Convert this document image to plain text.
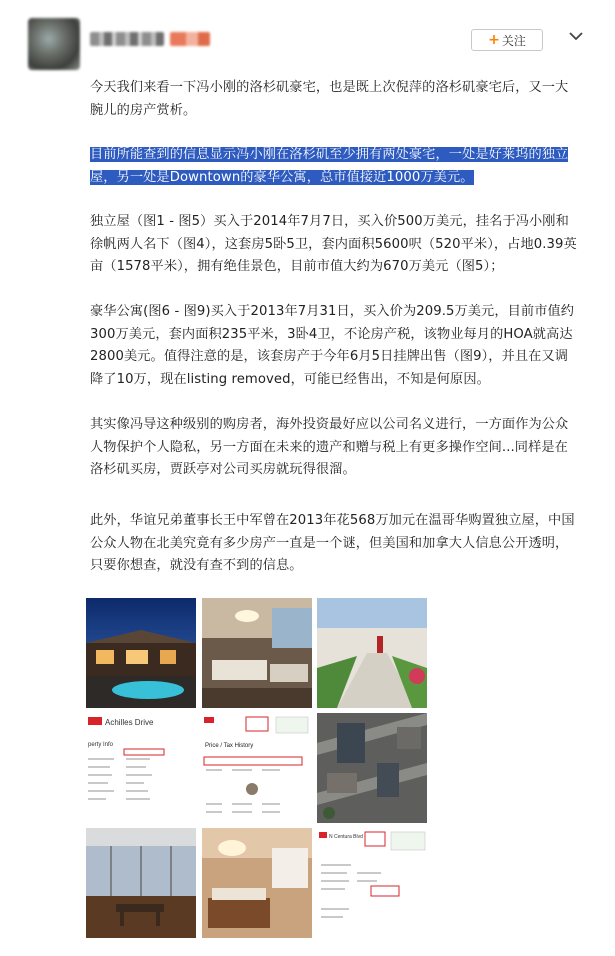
+ 关注
今天我们来看一下冯小刚的洛杉矶豪宅，也是既上次倪萍的洛杉矶豪宅后，又一大腕儿的房产赏析。
目前所能查到的信息显示冯小刚在洛杉矶至少拥有两处豪宅，一处是好莱坞的独立屋，另一处是Downtown的豪华公寓，总市值接近1000万美元。
独立屋（图1 - 图5）买入于2014年7月7日，买入价500万美元，挂名于冯小刚和徐帆两人名下（图4），这套房5卧5卫，套内面积5600呎（520平米），占地0.39英亩（1578平米），拥有绝佳景色，目前市值大约为670万美元（图5）；
豪华公寓(图6 - 图9)买入于2013年7月31日，买入价为209.5万美元，目前市值约300万美元，套内面积235平米，3卧4卫，不论房产税，该物业每月的HOA就高达2800美元。值得注意的是，该套房产于今年6月5日挂牌出售（图9），并且在又调降了10万，现在listing removed，可能已经售出，不知是何原因。
其实像冯导这种级别的购房者，海外投资最好应以公司名义进行，一方面作为公众人物保护个人隐私，另一方面在未来的遗产和赠与税上有更多操作空间...同样是在洛杉矶买房，贾跃亭对公司买房就玩得很溜。
此外，华谊兄弟董事长王中军曾在2013年花568万加元在温哥华购置独立屋，中国公众人物在北美究竟有多少房产一直是一个谜，但美国和加拿大人信息公开透明，只要你想查，就没有查不到的信息。
Achilles Drive
perty Info	Price / Tax History
N Centura Blvd
